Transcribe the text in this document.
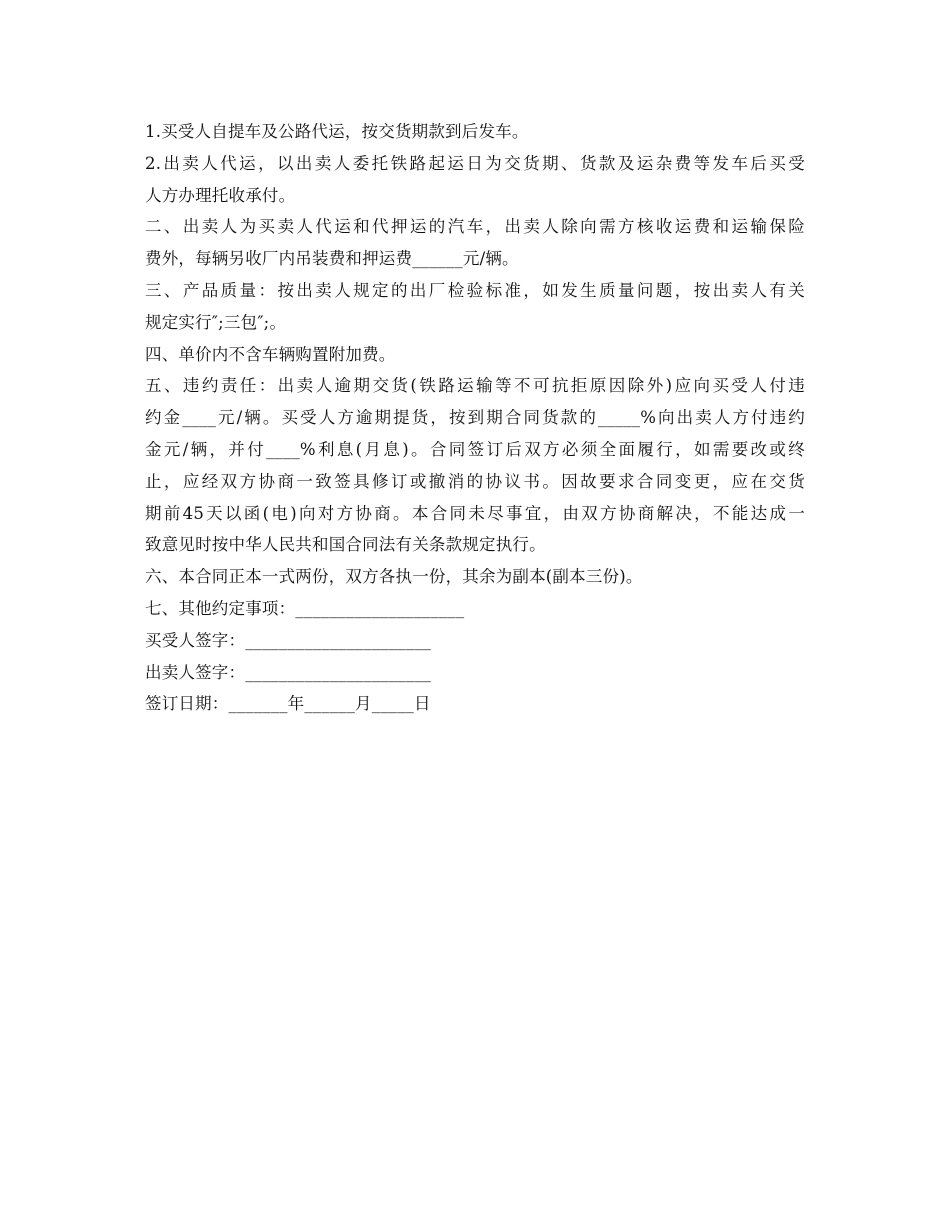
1.买受人自提车及公路代运，按交货期款到后发车。
2.出卖人代运，以出卖人委托铁路起运日为交货期、货款及运杂费等发车后买受
人方办理托收承付。
二、出卖人为买卖人代运和代押运的汽车，出卖人除向需方核收运费和运输保险
费外，每辆另收厂内吊装费和押运费______元/辆。
三、产品质量：按出卖人规定的出厂检验标准，如发生质量问题，按出卖人有关
规定实行″;三包″;。
四、单价内不含车辆购置附加费。
五、违约责任：出卖人逾期交货(铁路运输等不可抗拒原因除外)应向买受人付违
约金____元/辆。买受人方逾期提货，按到期合同货款的_____%向出卖人方付违约
金元/辆，并付____%利息(月息)。合同签订后双方必须全面履行，如需要改或终
止，应经双方协商一致签具修订或撤消的协议书。因故要求合同变更，应在交货
期前45天以函(电)向对方协商。本合同未尽事宜，由双方协商解决，不能达成一
致意见时按中华人民共和国合同法有关条款规定执行。
六、本合同正本一式两份，双方各执一份，其余为副本(副本三份)。
七、其他约定事项：____________________
买受人签字：______________________
出卖人签字：______________________
签订日期：_______年______月_____日
